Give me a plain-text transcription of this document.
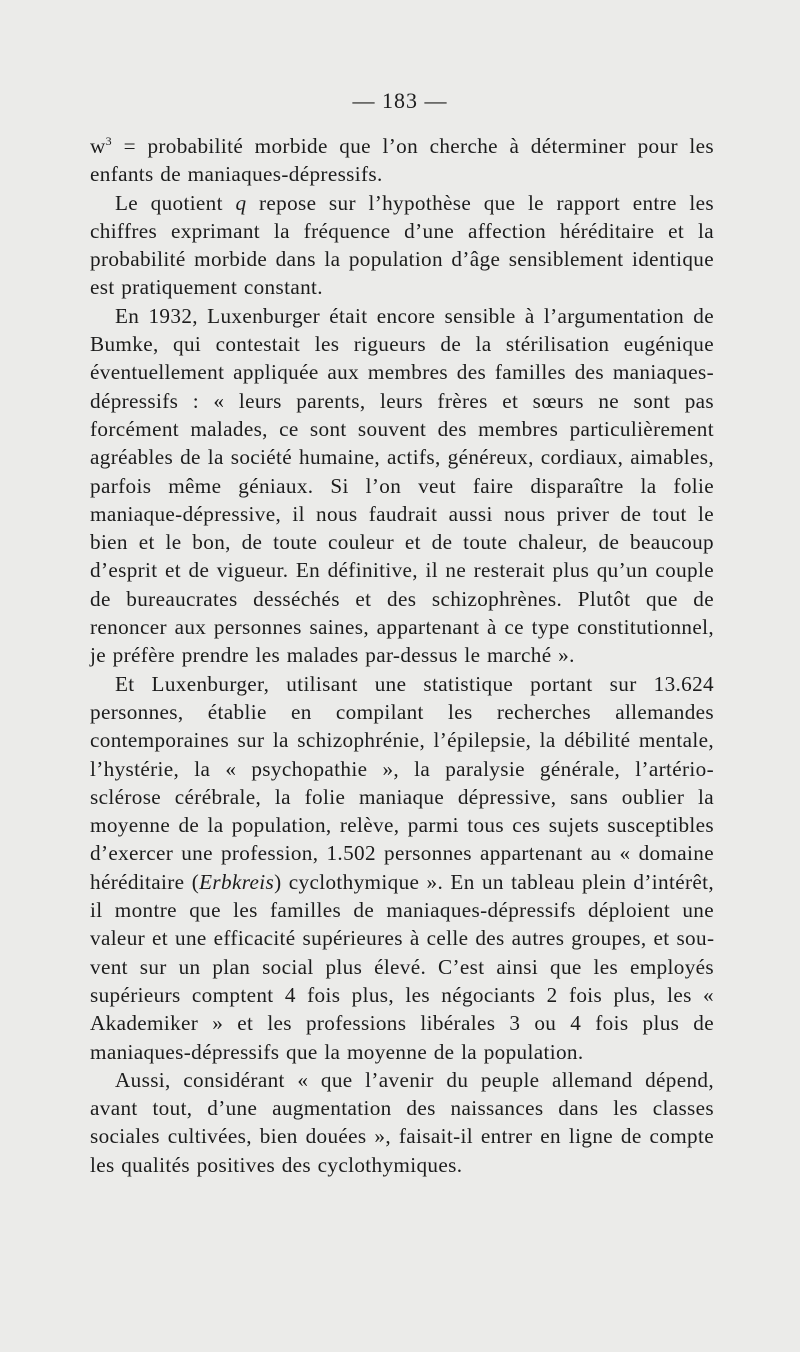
— 183 —

$w^3$ = probabilité morbide que l’on cherche à déterminer pour les enfants de maniaques-dépressifs.

Le quotient q repose sur l’hypothèse que le rapport entre les chiffres exprimant la fréquence d’une affection héréditaire et la probabilité morbide dans la population d’âge sensiblement identique est pratiquement constant.

En 1932, Luxenburger était encore sensible à l’argumentation de Bumke, qui contestait les rigueurs de la stérilisation eugénique éventuellement appliquée aux membres des familles des maniaques-dépressifs : « leurs parents, leurs frères et sœurs ne sont pas forcément malades, ce sont souvent des membres particulièrement agréables de la société humaine, actifs, généreux, cordiaux, aimables, parfois même géniaux. Si l’on veut faire disparaître la folie maniaque-dépressive, il nous faudrait aussi nous priver de tout le bien et le bon, de toute couleur et de toute chaleur, de beaucoup d’esprit et de vigueur. En définitive, il ne resterait plus qu’un couple de bureaucrates desséchés et des schizophrènes. Plutôt que de renoncer aux personnes saines, appartenant à ce type constitutionnel, je préfère prendre les malades par-dessus le marché ».

Et Luxenburger, utilisant une statistique portant sur 13.624 personnes, établie en compilant les recherches allemandes contemporaines sur la schizophrénie, l’épilepsie, la débilité mentale, l’hystérie, la « psychopathie », la paralysie générale, l’artério-sclérose cérébrale, la folie maniaque dépressive, sans oublier la moyenne de la population, relève, parmi tous ces sujets susceptibles d’exercer une profession, 1.502 personnes appartenant au « domaine héréditaire (Erbkreis) cyclothymique ». En un tableau plein d’intérêt, il montre que les familles de maniaques-dépressifs déploient une valeur et une efficacité supérieures à celle des autres groupes, et souvent sur un plan social plus élevé. C’est ainsi que les employés supérieurs comptent 4 fois plus, les négociants 2 fois plus, les « Akademiker » et les professions libérales 3 ou 4 fois plus de maniaques-dépressifs que la moyenne de la population.

Aussi, considérant « que l’avenir du peuple allemand dépend, avant tout, d’une augmentation des naissances dans les classes sociales cultivées, bien douées », faisait-il entrer en ligne de compte les qualités positives des cyclothymiques.
